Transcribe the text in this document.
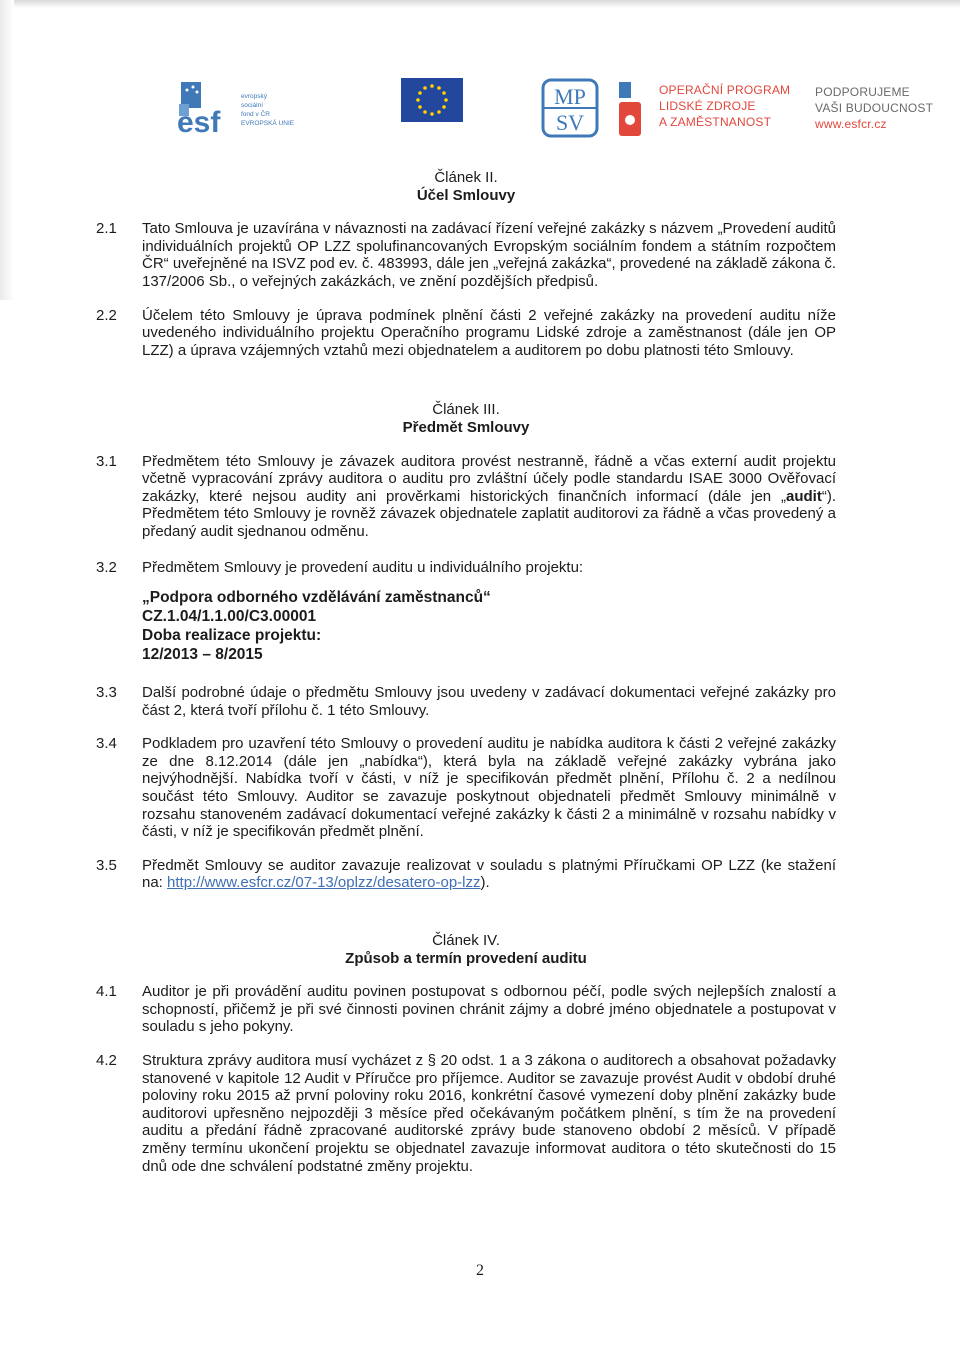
esf
evropský
sociální
fond v ČR
EVROPSKÁ UNIE
MP
SV
OPERAČNÍ PROGRAM
LIDSKÉ ZDROJE
A ZAMĚSTNANOST
PODPORUJEME
VAŠI BUDOUCNOST
www.esfcr.cz
Článek II.
Účel Smlouvy
2.1	Tato Smlouva je uzavírána v návaznosti na zadávací řízení veřejné zakázky s názvem „Provedení auditů individuálních projektů OP LZZ spolufinancovaných Evropským sociálním fondem a státním rozpočtem ČR“ uveřejněné na ISVZ pod ev. č. 483993, dále jen „veřejná zakázka“, provedené na základě zákona č. 137/2006 Sb., o veřejných zakázkách, ve znění pozdějších předpisů.
2.2	Účelem této Smlouvy je úprava podmínek plnění části 2 veřejné zakázky na provedení auditu níže uvedeného individuálního projektu Operačního programu Lidské zdroje a zaměstnanost (dále jen OP LZZ) a úprava vzájemných vztahů mezi objednatelem a auditorem po dobu platnosti této Smlouvy.
Článek III.
Předmět Smlouvy
3.1	Předmětem této Smlouvy je závazek auditora provést nestranně, řádně a včas externí audit projektu včetně vypracování zprávy auditora o auditu pro zvláštní účely podle standardu ISAE 3000 Ověřovací zakázky, které nejsou audity ani prověrkami historických finančních informací (dále jen „audit“). Předmětem této Smlouvy je rovněž závazek objednatele zaplatit auditorovi za řádně a včas provedený a předaný audit sjednanou odměnu.
3.2	Předmětem Smlouvy je provedení auditu u individuálního projektu:
„Podpora odborného vzdělávání zaměstnanců“
CZ.1.04/1.1.00/C3.00001
Doba realizace projektu:
12/2013 – 8/2015
3.3	Další podrobné údaje o předmětu Smlouvy jsou uvedeny v zadávací dokumentaci veřejné zakázky pro část 2, která tvoří přílohu č. 1 této Smlouvy.
3.4	Podkladem pro uzavření této Smlouvy o provedení auditu je nabídka auditora k části 2 veřejné zakázky ze dne 8.12.2014 (dále jen „nabídka“), která byla na základě veřejné zakázky vybrána jako nejvýhodnější. Nabídka tvoří v části, v níž je specifikován předmět plnění, Přílohu č. 2 a nedílnou součást této Smlouvy. Auditor se zavazuje poskytnout objednateli předmět Smlouvy minimálně v rozsahu stanoveném zadávací dokumentací veřejné zakázky k části 2 a minimálně v rozsahu nabídky v části, v níž je specifikován předmět plnění.
3.5	Předmět Smlouvy se auditor zavazuje realizovat v souladu s platnými Příručkami OP LZZ (ke stažení na: http://www.esfcr.cz/07-13/oplzz/desatero-op-lzz).
Článek IV.
Způsob a termín provedení auditu
4.1	Auditor je při provádění auditu povinen postupovat s odbornou péčí, podle svých nejlepších znalostí a schopností, přičemž je při své činnosti povinen chránit zájmy a dobré jméno objednatele a postupovat v souladu s jeho pokyny.
4.2	Struktura zprávy auditora musí vycházet z § 20 odst. 1 a 3 zákona o auditorech a obsahovat požadavky stanovené v kapitole 12 Audit v Příručce pro příjemce. Auditor se zavazuje provést Audit v období druhé poloviny roku 2015 až první poloviny roku 2016, konkrétní časové vymezení doby plnění zakázky bude auditorovi upřesněno nejpozději 3 měsíce před očekávaným počátkem plnění, s tím že na provedení auditu a předání řádně zpracované auditorské zprávy bude stanoveno období 2 měsíců. V případě změny termínu ukončení projektu se objednatel zavazuje informovat auditora o této skutečnosti do 15 dnů ode dne schválení podstatné změny projektu.
2
